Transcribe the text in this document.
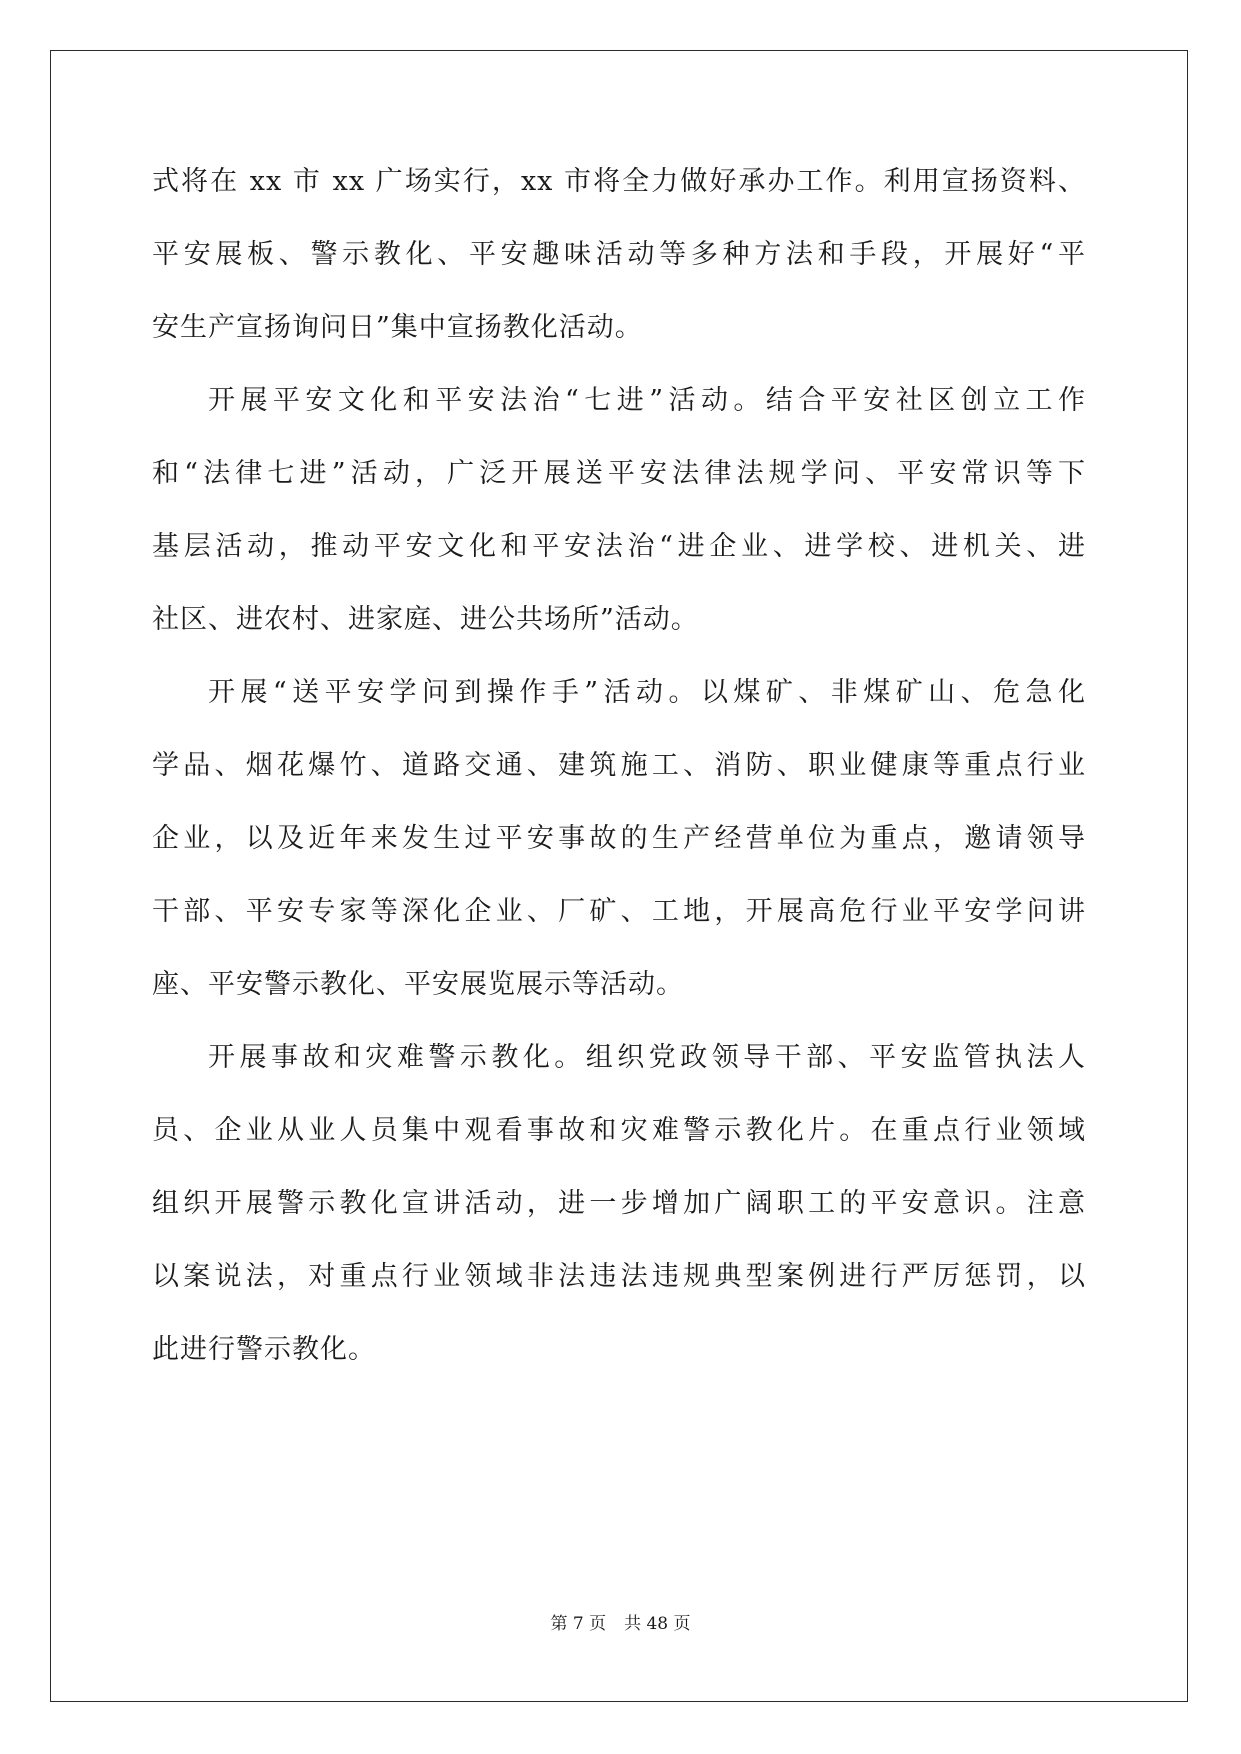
式将在 xx 市 xx 广场实行，xx 市将全力做好承办工作。利用宣扬资料、
平安展板、警示教化、平安趣味活动等多种方法和手段，开展好“平
安生产宣扬询问日”集中宣扬教化活动。
开展平安文化和平安法治“七进”活动。结合平安社区创立工作
和“法律七进”活动，广泛开展送平安法律法规学问、平安常识等下
基层活动，推动平安文化和平安法治“进企业、进学校、进机关、进
社区、进农村、进家庭、进公共场所”活动。
开展“送平安学问到操作手”活动。以煤矿、非煤矿山、危急化
学品、烟花爆竹、道路交通、建筑施工、消防、职业健康等重点行业
企业，以及近年来发生过平安事故的生产经营单位为重点，邀请领导
干部、平安专家等深化企业、厂矿、工地，开展高危行业平安学问讲
座、平安警示教化、平安展览展示等活动。
开展事故和灾难警示教化。组织党政领导干部、平安监管执法人
员、企业从业人员集中观看事故和灾难警示教化片。在重点行业领域
组织开展警示教化宣讲活动，进一步增加广阔职工的平安意识。注意
以案说法，对重点行业领域非法违法违规典型案例进行严厉惩罚，以
此进行警示教化。
第 7 页 共 48 页
